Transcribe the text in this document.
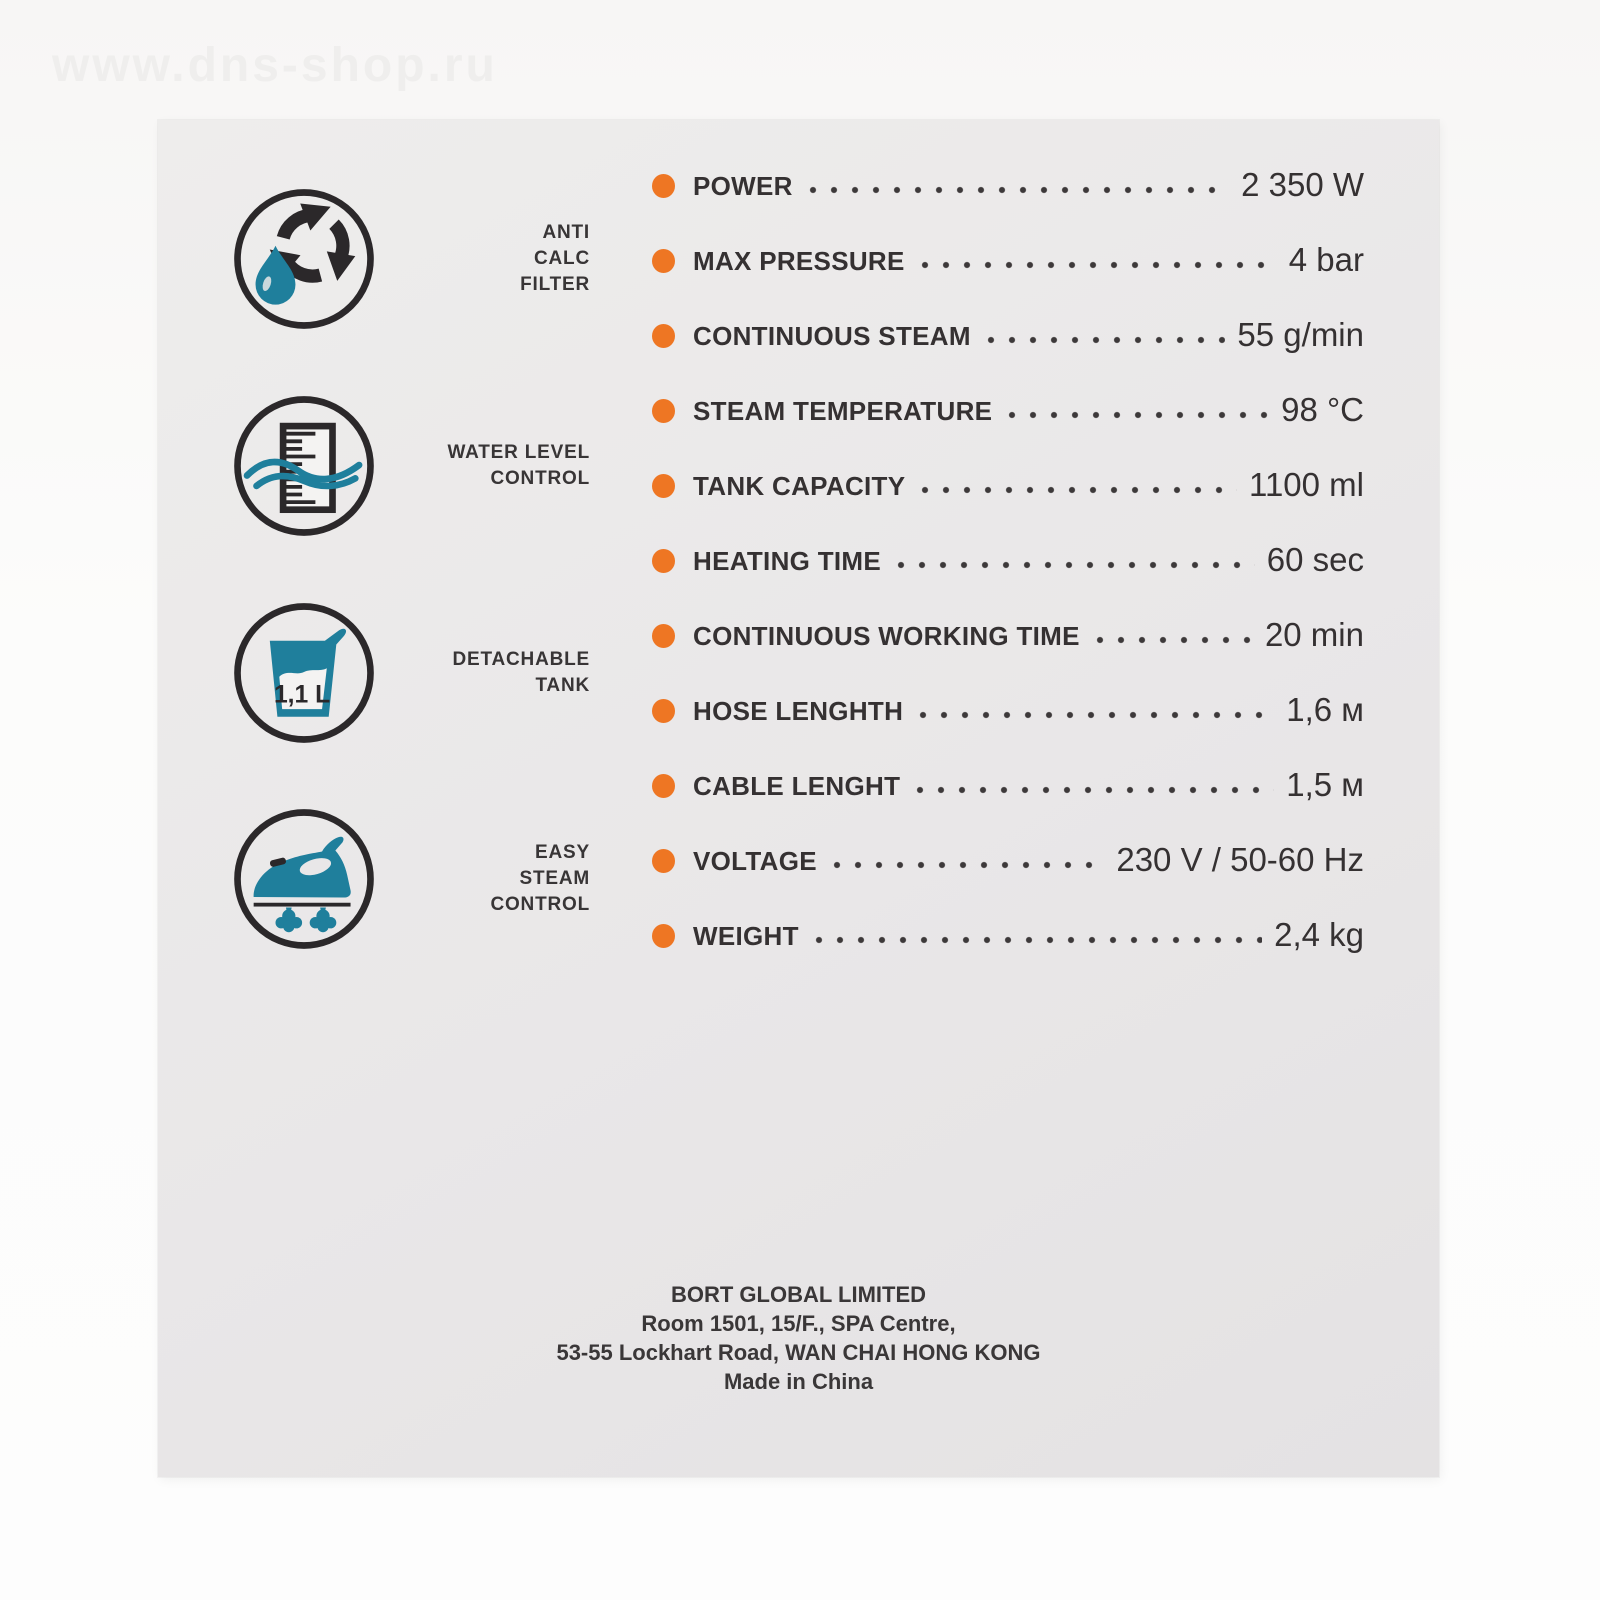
www.dns-shop.ru
ANTI
CALC
FILTER
WATER LEVEL
CONTROL
1,1 L
DETACHABLE
TANK
EASY
STEAM
CONTROL
POWER	2 350 W
MAX PRESSURE	4 bar
CONTINUOUS STEAM	55 g/min
STEAM TEMPERATURE	98 °C
TANK CAPACITY	1100 ml
HEATING TIME	60 sec
CONTINUOUS WORKING TIME	20 min
HOSE LENGHTH	1,6 м
CABLE LENGHT	1,5 м
VOLTAGE	230 V / 50-60 Hz
WEIGHT	2,4 kg
BORT GLOBAL LIMITED
Room 1501, 15/F., SPA Centre,
53-55 Lockhart Road, WAN CHAI HONG KONG
Made in China
